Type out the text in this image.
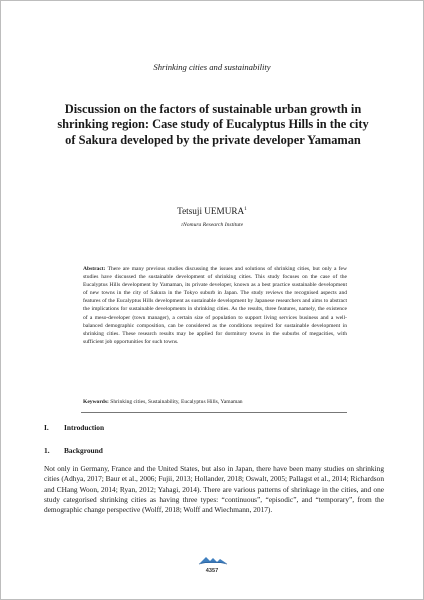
Shrinking cities and sustainability
Discussion on the factors of sustainable urban growth in shrinking region: Case study of Eucalyptus Hills in the city of Sakura developed by the private developer Yamaman
Tetsuji UEMURA$^1$
$^1$Nomura Research Institute

Abstract: There are many previous studies discussing the issues and solutions of shrinking cities, but only a few studies have discussed the sustainable development of shrinking cities. This study focuses on the case of the Eucalyptus Hills development by Yamaman, its private developer, known as a best practice sustainable development of new towns in the city of Sakura in the Tokyo suburb in Japan. The study reviews the recognised aspects and features of the Eucalyptus Hills development as sustainable development by Japanese researchers and aims to abstract the implications for sustainable developments in shrinking cities. As the results, three features, namely, the existence of a meso-developer (town manager), a certain size of population to support living services business and a well-balanced demographic composition, can be considered as the conditions required for sustainable development in shrinking cities. These research results may be applied for dormitory towns in the suburbs of megacities, with sufficient job opportunities for such towns.

Keywords: Shrinking cities, Sustainability, Eucalyptus Hills, Yamaman
I. Introduction
1. Background

Not only in Germany, France and the United States, but also in Japan, there have been many studies on shrinking cities (Adhya, 2017; Baur et al., 2006; Fujii, 2013; Hollander, 2018; Oswalt, 2005; Pallagst et al., 2014; Richardson and CHang Woon, 2014; Ryan, 2012; Yahagi, 2014). There are various patterns of shrinkage in the cities, and one study categorised shrinking cities as having three types: “continuous”, “episodic”, and “temporary”, from the demographic change perspective (Wolff, 2018; Wolff and Wiechmann, 2017).

4357
